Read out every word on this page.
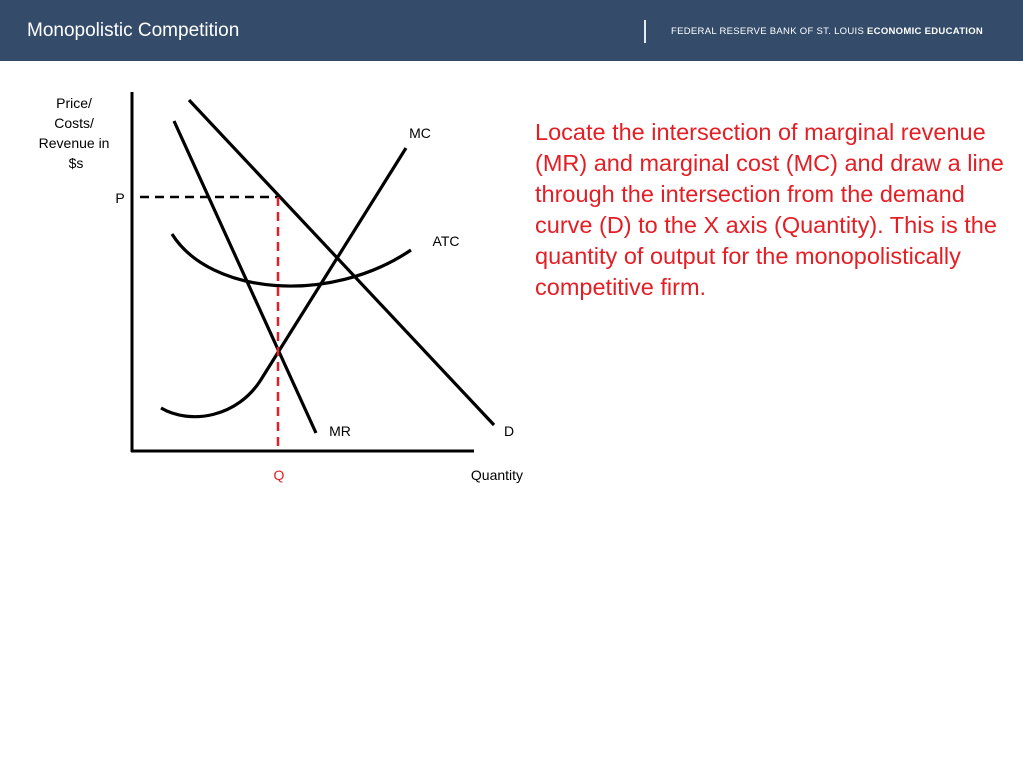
Monopolistic Competition	FEDERAL RESERVE BANK OF ST. LOUIS ECONOMIC EDUCATION
Price/ Costs/ Revenue in $s
P
Q	Quantity
MC
ATC
MR	D
Locate the intersection of marginal revenue (MR) and marginal cost (MC) and draw a line through the intersection from the demand curve (D) to the X axis (Quantity). This is the quantity of output for the monopolistically competitive firm.
